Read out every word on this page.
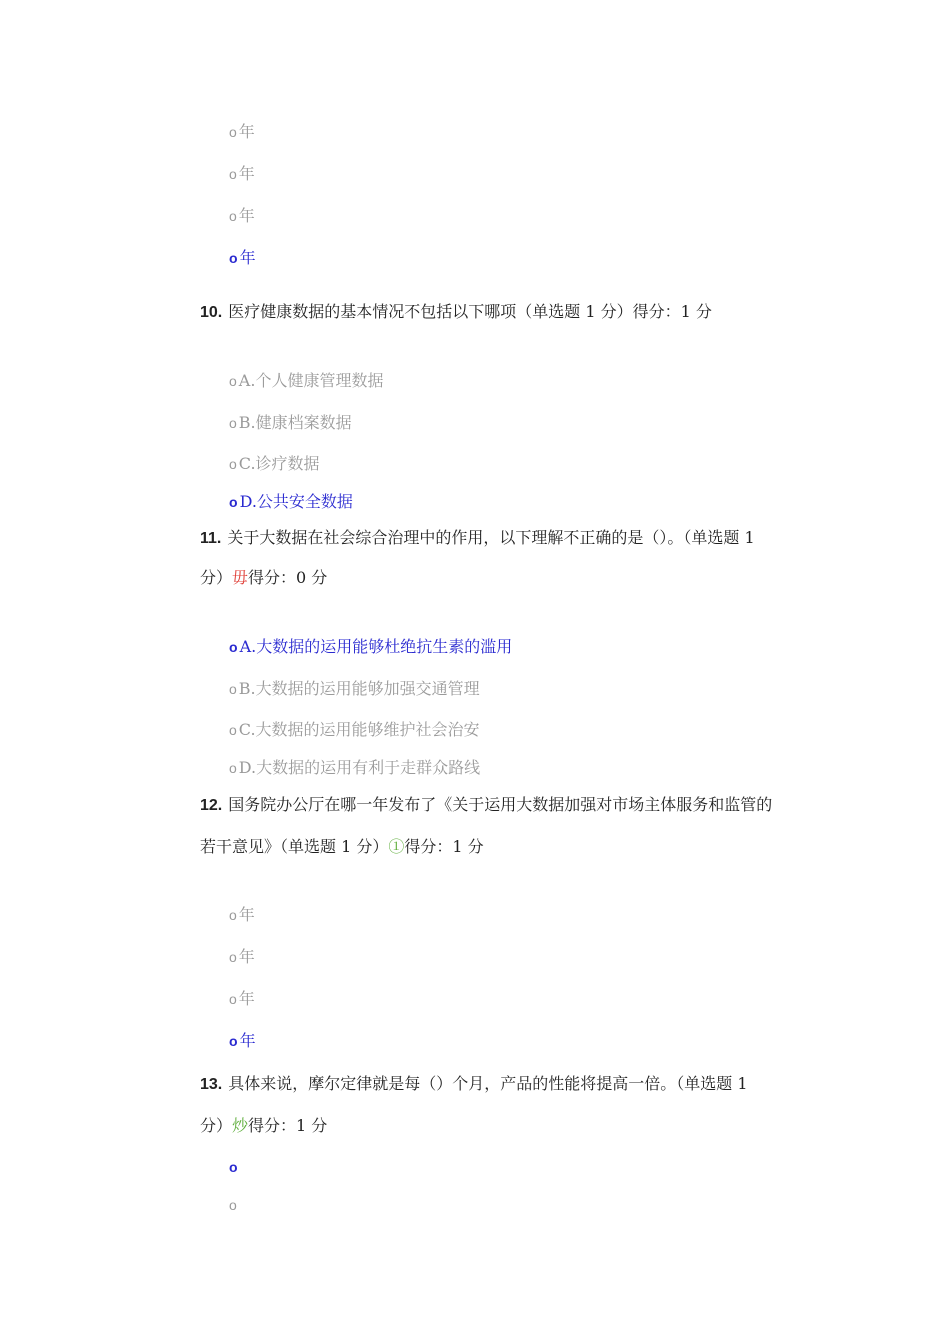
o 年
o 年
o 年
o 年
10. 医疗健康数据的基本情况不包括以下哪项（单选题 1 分）得分：1 分
o A.个人健康管理数据
o B.健康档案数据
o C.诊疗数据
o D.公共安全数据
11. 关于大数据在社会综合治理中的作用，以下理解不正确的是（）。（单选题 1
分）毋得分：0 分
o A.大数据的运用能够杜绝抗生素的滥用
o B.大数据的运用能够加强交通管理
o C.大数据的运用能够维护社会治安
o D.大数据的运用有利于走群众路线
12. 国务院办公厅在哪一年发布了《关于运用大数据加强对市场主体服务和监管的
若干意见》（单选题 1 分）①得分：1 分
o 年
o 年
o 年
o 年
13. 具体来说，摩尔定律就是每（）个月，产品的性能将提高一倍。（单选题 1
分）炒得分：1 分
o
o
